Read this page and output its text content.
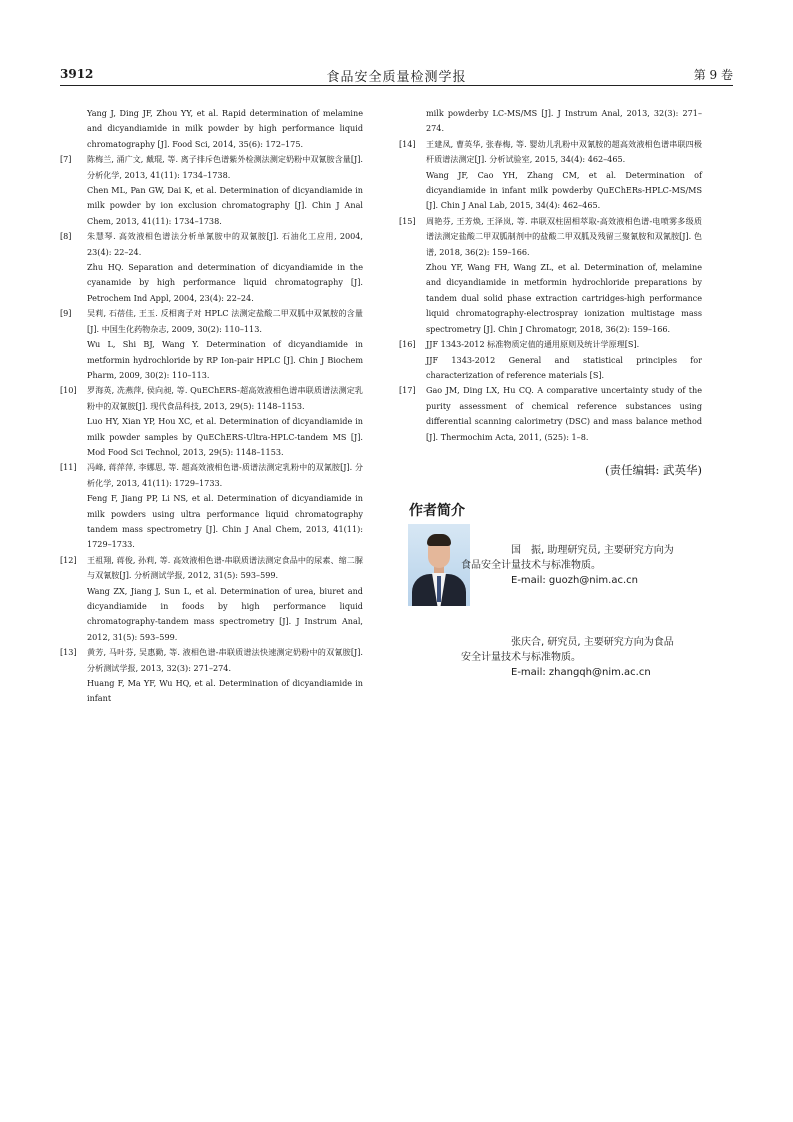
3912	食品安全质量检测学报	第 9 卷
Yang J, Ding JF, Zhou YY, et al. Rapid determination of melamine and dicyandiamide in milk powder by high performance liquid chromatography [J]. Food Sci, 2014, 35(6): 172–175.
[7] 陈梅兰, 涌广文, 戴琨, 等. 离子排斥色谱紫外检测法测定奶粉中双氰胺含量[J]. 分析化学, 2013, 41(11): 1734–1738.
Chen ML, Pan GW, Dai K, et al. Determination of dicyandiamide in milk powder by ion exclusion chromatography [J]. Chin J Anal Chem, 2013, 41(11): 1734–1738.
[8] 朱慧琴. 高效液相色谱法分析单氰胺中的双氰胺[J]. 石油化工应用, 2004, 23(4): 22–24.
Zhu HQ. Separation and determination of dicyandiamide in the cyanamide by high performance liquid chromatography [J]. Petrochem Ind Appl, 2004, 23(4): 22–24.
[9] 吴莉, 石蓓佳, 王玉. 反相离子对 HPLC 法测定盐酸二甲双胍中双氰胺的含量[J]. 中国生化药物杂志, 2009, 30(2): 110–113.
Wu L, Shi BJ, Wang Y. Determination of dicyandiamide in metformin hydrochloride by RP Ion-pair HPLC [J]. Chin J Biochem Pharm, 2009, 30(2): 110–113.
[10] 罗海英, 冼燕萍, 侯向昶, 等. QuEChERS-超高效液相色谱串联质谱法测定乳粉中的双氰胺[J]. 现代食品科技, 2013, 29(5): 1148–1153.
Luo HY, Xian YP, Hou XC, et al. Determination of dicyandiamide in milk powder samples by QuEChERS-Ultra-HPLC-tandem MS [J]. Mod Food Sci Technol, 2013, 29(5): 1148–1153.
[11] 冯峰, 蒋萍萍, 李娜思, 等. 超高效液相色谱-质谱法测定乳粉中的双氰胺[J]. 分析化学, 2013, 41(11): 1729–1733.
Feng F, Jiang PP, Li NS, et al. Determination of dicyandiamide in milk powders using ultra performance liquid chromatography tandem mass spectrometry [J]. Chin J Anal Chem, 2013, 41(11): 1729–1733.
[12] 王祖翔, 蒋俊, 孙莉, 等. 高效液相色谱-串联质谱法测定食品中的尿素、缩二脲与双氰胺[J]. 分析测试学报, 2012, 31(5): 593–599.
Wang ZX, Jiang J, Sun L, et al. Determination of urea, biuret and dicyandiamide in foods by high performance liquid chromatography-tandem mass spectrometry [J]. J Instrum Anal, 2012, 31(5): 593–599.
[13] 黄芳, 马叶芬, 吴惠勤, 等. 液相色谱-串联质谱法快速测定奶粉中的双氰胺[J]. 分析测试学报, 2013, 32(3): 271–274.
Huang F, Ma YF, Wu HQ, et al. Determination of dicyandiamide in infant
milk powderby LC-MS/MS [J]. J Instrum Anal, 2013, 32(3): 271–274.
[14] 王建凤, 曹英华, 张春梅, 等. 婴幼儿乳粉中双氰胺的超高效液相色谱串联四极杆质谱法测定[J]. 分析试验室, 2015, 34(4): 462–465.
Wang JF, Cao YH, Zhang CM, et al. Determination of dicyandiamide in infant milk powderby QuEChERs-HPLC-MS/MS [J]. Chin J Anal Lab, 2015, 34(4): 462–465.
[15] 周艳芬, 王芳焕, 王泽岚, 等. 串联双柱固相萃取-高效液相色谱-电喷雾多级质谱法测定盐酸二甲双胍制剂中的盐酸二甲双胍及残留三聚氰胺和双氰胺[J]. 色谱, 2018, 36(2): 159–166.
Zhou YF, Wang FH, Wang ZL, et al. Determination of, melamine and dicyandiamide in metformin hydrochloride preparations by tandem dual solid phase extraction cartridges-high performance liquid chromatography-electrospray ionization multistage mass spectrometry [J]. Chin J Chromatogr, 2018, 36(2): 159–166.
[16] JJF 1343-2012 标准物质定值的通用原则及统计学原理[S].
JJF 1343-2012 General and statistical principles for characterization of reference materials [S].
[17] Gao JM, Ding LX, Hu CQ. A comparative uncertainty study of the purity assessment of chemical reference substances using differential scanning calorimetry (DSC) and mass balance method [J]. Thermochim Acta, 2011, (525): 1–8.
(责任编辑: 武英华)
作者简介
国　振, 助理研究员, 主要研究方向为
食品安全计量技术与标准物质。
E-mail: guozh@nim.ac.cn
张庆合, 研究员, 主要研究方向为食品
安全计量技术与标准物质。
E-mail: zhangqh@nim.ac.cn
